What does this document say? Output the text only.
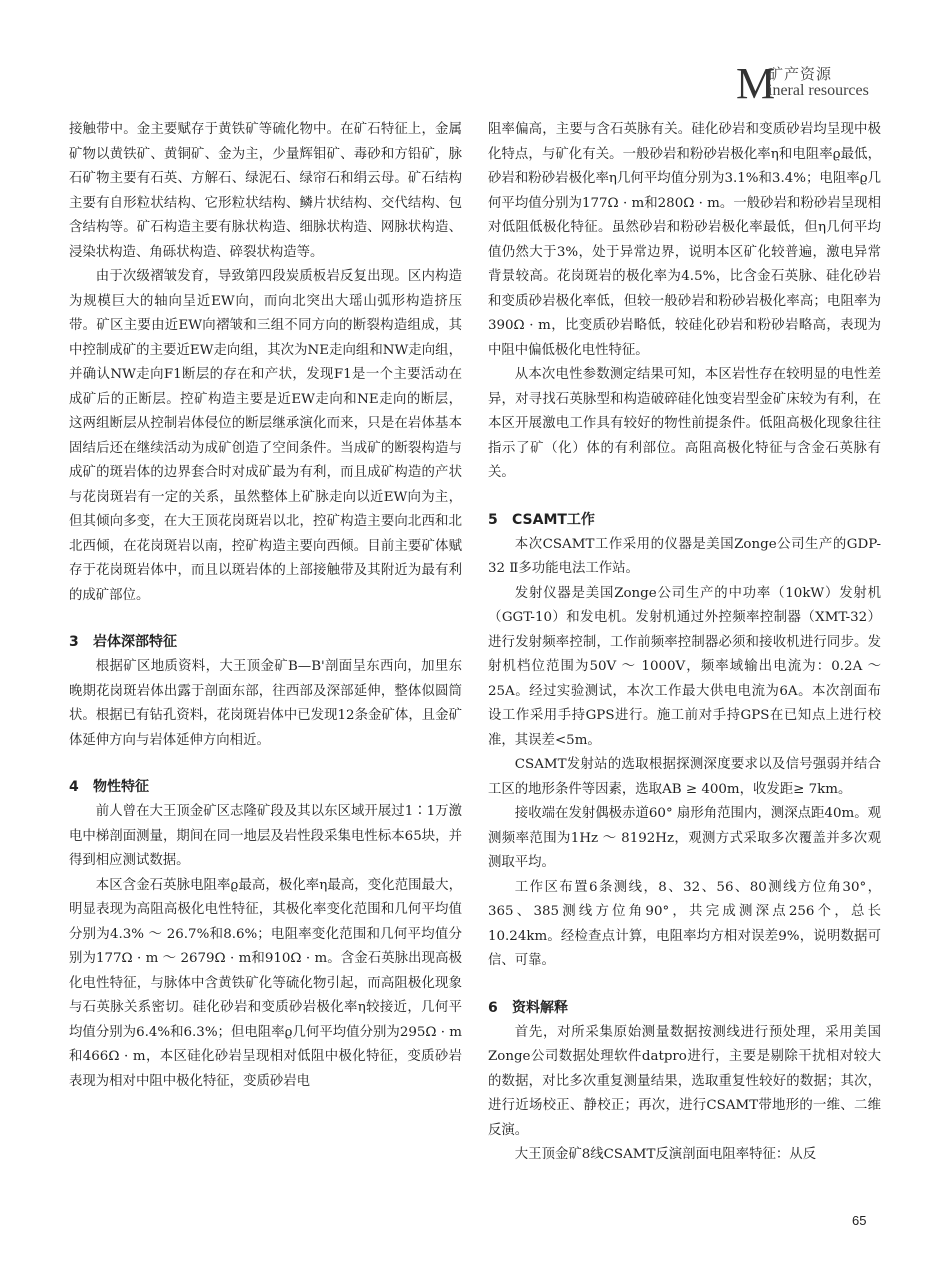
M
矿产资源
ineral resources

接触带中。金主要赋存于黄铁矿等硫化物中。在矿石特征上，金属矿物以黄铁矿、黄铜矿、金为主，少量辉钼矿、毒砂和方铅矿，脉石矿物主要有石英、方解石、绿泥石、绿帘石和绢云母。矿石结构主要有自形粒状结构、它形粒状结构、鳞片状结构、交代结构、包含结构等。矿石构造主要有脉状构造、细脉状构造、网脉状构造、浸染状构造、角砾状构造、碎裂状构造等。

由于次级褶皱发育，导致第四段炭质板岩反复出现。区内构造为规模巨大的轴向呈近EW向，而向北突出大瑶山弧形构造挤压带。矿区主要由近EW向褶皱和三组不同方向的断裂构造组成，其中控制成矿的主要近EW走向组，其次为NE走向组和NW走向组，并确认NW走向F1断层的存在和产状，发现F1是一个主要活动在成矿后的正断层。控矿构造主要是近EW走向和NE走向的断层，这两组断层从控制岩体侵位的断层继承演化而来，只是在岩体基本固结后还在继续活动为成矿创造了空间条件。当成矿的断裂构造与成矿的斑岩体的边界套合时对成矿最为有利，而且成矿构造的产状与花岗斑岩有一定的关系，虽然整体上矿脉走向以近EW向为主，但其倾向多变，在大王顶花岗斑岩以北，控矿构造主要向北西和北北西倾，在花岗斑岩以南，控矿构造主要向西倾。目前主要矿体赋存于花岗斑岩体中，而且以斑岩体的上部接触带及其附近为最有利的成矿部位。

3 岩体深部特征

根据矿区地质资料，大王顶金矿B—B'剖面呈东西向，加里东晚期花岗斑岩体出露于剖面东部，往西部及深部延伸，整体似圆筒状。根据已有钻孔资料，花岗斑岩体中已发现12条金矿体，且金矿体延伸方向与岩体延伸方向相近。

4 物性特征

前人曾在大王顶金矿区志隆矿段及其以东区域开展过1∶1万激电中梯剖面测量，期间在同一地层及岩性段采集电性标本65块，并得到相应测试数据。

本区含金石英脉电阻率ϱ最高，极化率η最高，变化范围最大，明显表现为高阻高极化电性特征，其极化率变化范围和几何平均值分别为4.3% ～ 26.7%和8.6%；电阻率变化范围和几何平均值分别为177Ω · m ～ 2679Ω · m和910Ω · m。含金石英脉出现高极化电性特征，与脉体中含黄铁矿化等硫化物引起，而高阻极化现象与石英脉关系密切。硅化砂岩和变质砂岩极化率η较接近，几何平均值分别为6.4%和6.3%；但电阻率ϱ几何平均值分别为295Ω · m和466Ω · m，本区硅化砂岩呈现相对低阻中极化特征，变质砂岩表现为相对中阻中极化特征，变质砂岩电

阻率偏高，主要与含石英脉有关。硅化砂岩和变质砂岩均呈现中极化特点，与矿化有关。一般砂岩和粉砂岩极化率η和电阻率ϱ最低，砂岩和粉砂岩极化率η几何平均值分别为3.1%和3.4%；电阻率ϱ几何平均值分别为177Ω · m和280Ω · m。一般砂岩和粉砂岩呈现相对低阻低极化特征。虽然砂岩和粉砂岩极化率最低，但η几何平均值仍然大于3%，处于异常边界，说明本区矿化较普遍，激电异常背景较高。花岗斑岩的极化率为4.5%，比含金石英脉、硅化砂岩和变质砂岩极化率低，但较一般砂岩和粉砂岩极化率高；电阻率为390Ω · m，比变质砂岩略低，较硅化砂岩和粉砂岩略高，表现为中阻中偏低极化电性特征。

从本次电性参数测定结果可知，本区岩性存在较明显的电性差异，对寻找石英脉型和构造破碎硅化蚀变岩型金矿床较为有利，在本区开展激电工作具有较好的物性前提条件。低阻高极化现象往往指示了矿（化）体的有利部位。高阻高极化特征与含金石英脉有关。

5 CSAMT工作

本次CSAMT工作采用的仪器是美国Zonge公司生产的GDP-32 Ⅱ多功能电法工作站。

发射仪器是美国Zonge公司生产的中功率（10kW）发射机（GGT-10）和发电机。发射机通过外控频率控制器（XMT-32）进行发射频率控制，工作前频率控制器必须和接收机进行同步。发射机档位范围为50V ～ 1000V，频率域输出电流为：0.2A ～ 25A。经过实验测试，本次工作最大供电电流为6A。本次剖面布设工作采用手持GPS进行。施工前对手持GPS在已知点上进行校准，其误差<5m。

CSAMT发射站的选取根据探测深度要求以及信号强弱并结合工区的地形条件等因素，选取AB ≥ 400m，收发距≥ 7km。

接收端在发射偶极赤道60° 扇形角范围内，测深点距40m。观测频率范围为1Hz ～ 8192Hz，观测方式采取多次覆盖并多次观测取平均。

工作区布置6条测线，8、32、56、80测线方位角30°，365、385测线方位角90°，共完成测深点256个，总长10.24km。经检查点计算，电阻率均方相对误差9%，说明数据可信、可靠。

6 资料解释

首先，对所采集原始测量数据按测线进行预处理，采用美国Zonge公司数据处理软件datpro进行，主要是剔除干扰相对较大的数据，对比多次重复测量结果，选取重复性较好的数据；其次，进行近场校正、静校正；再次，进行CSAMT带地形的一维、二维反演。

大王顶金矿8线CSAMT反演剖面电阻率特征：从反

65
